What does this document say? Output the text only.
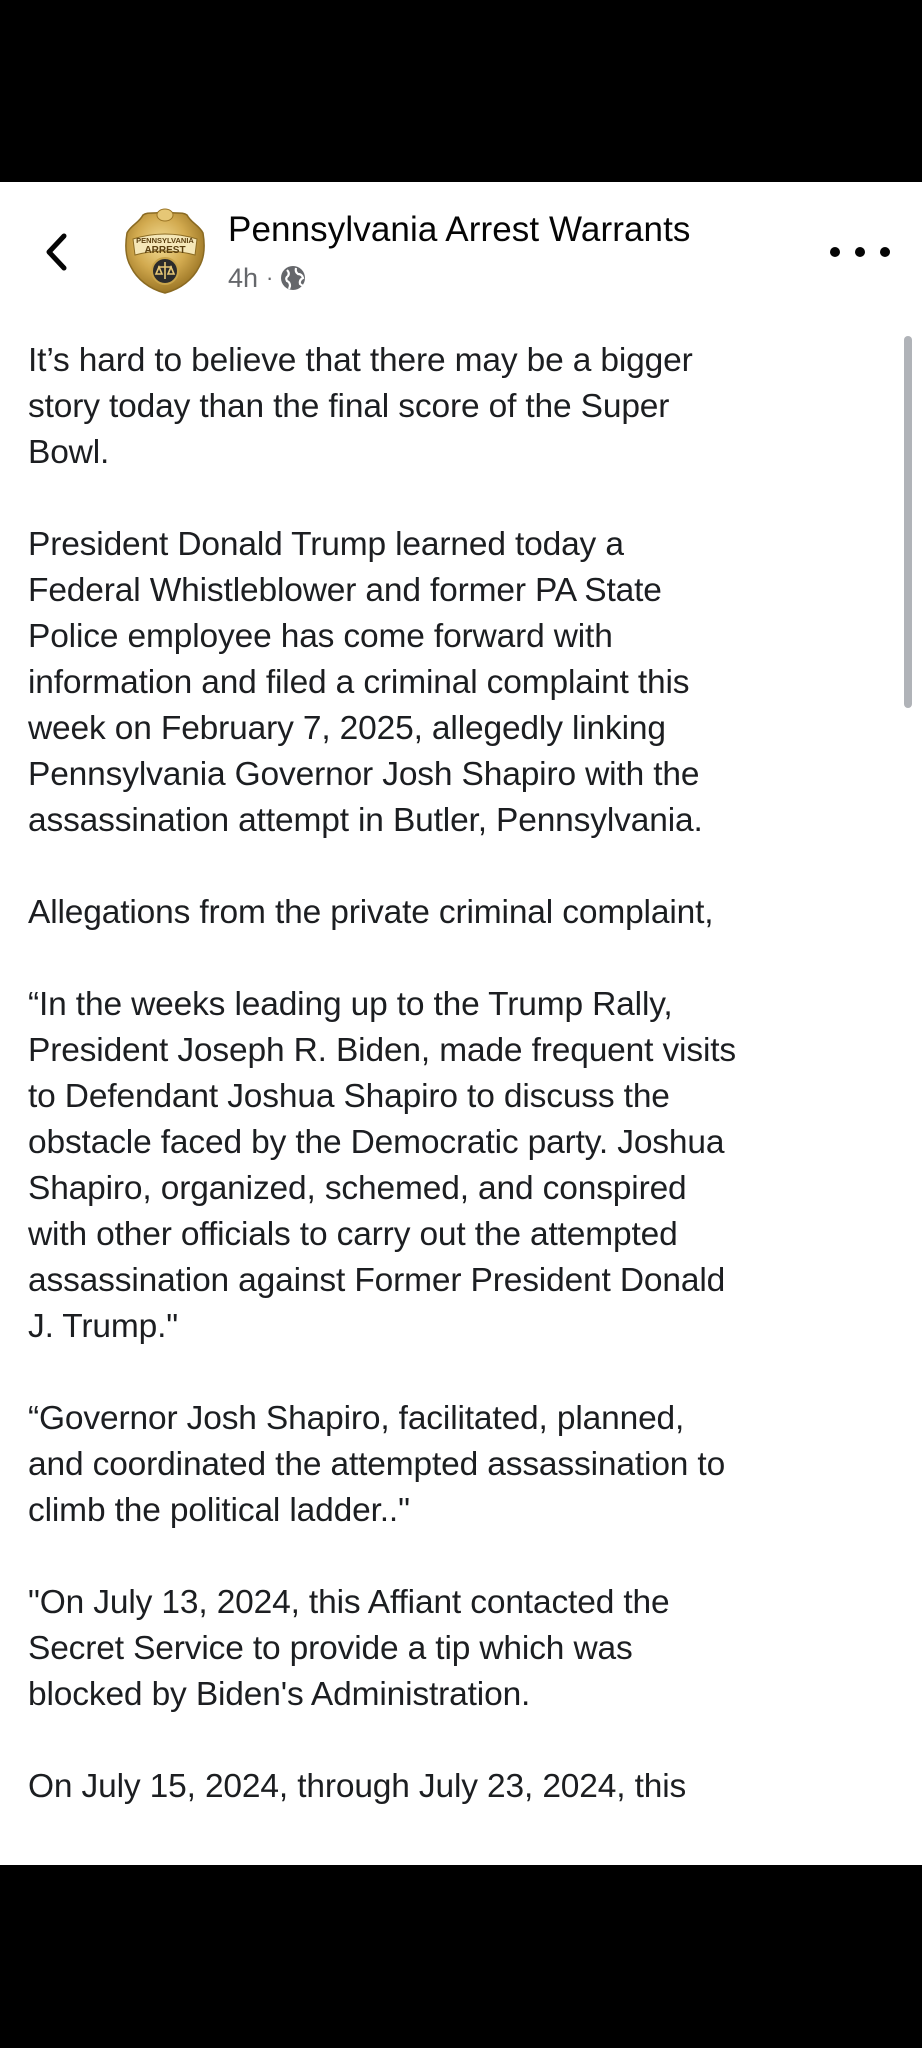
PENNSYLVANIA
ARREST
Pennsylvania Arrest Warrants
4h ·

It’s hard to believe that there may be a bigger
story today than the final score of the Super
Bowl.

President Donald Trump learned today a
Federal Whistleblower and former PA State
Police employee has come forward with
information and filed a criminal complaint this
week on February 7, 2025, allegedly linking
Pennsylvania Governor Josh Shapiro with the
assassination attempt in Butler, Pennsylvania.

Allegations from the private criminal complaint,

“In the weeks leading up to the Trump Rally,
President Joseph R. Biden, made frequent visits
to Defendant Joshua Shapiro to discuss the
obstacle faced by the Democratic party. Joshua
Shapiro, organized, schemed, and conspired
with other officials to carry out the attempted
assassination against Former President Donald
J. Trump."

“Governor Josh Shapiro, facilitated, planned,
and coordinated the attempted assassination to
climb the political ladder.."

"On July 13, 2024, this Affiant contacted the
Secret Service to provide a tip which was
blocked by Biden's Administration.

On July 15, 2024, through July 23, 2024, this
